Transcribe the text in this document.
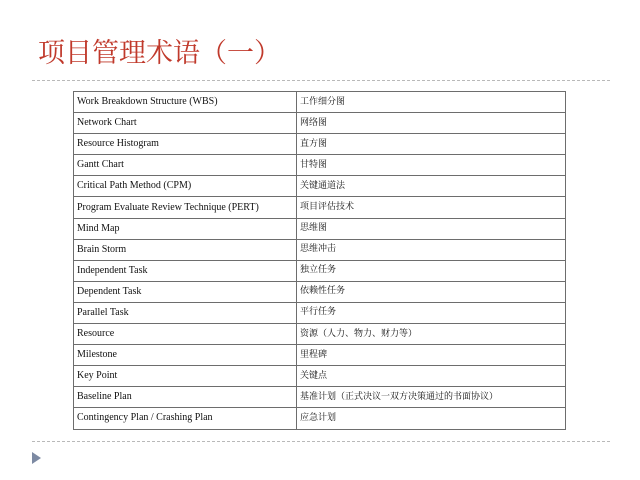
项目管理术语（一）
Work Breakdown Structure (WBS)	工作细分图
Network Chart	网络图
Resource Histogram	直方图
Gantt Chart	甘特图
Critical Path Method (CPM)	关键通道法
Program Evaluate Review Technique (PERT)	项目评估技术
Mind Map	思维图
Brain Storm	思维冲击
Independent Task	独立任务
Dependent Task	依赖性任务
Parallel Task	平行任务
Resource	资源（人力、物力、财力等）
Milestone	里程碑
Key Point	关键点
Baseline Plan	基准计划（正式决议一双方决策通过的书面协议）
Contingency Plan / Crashing Plan	应急计划
